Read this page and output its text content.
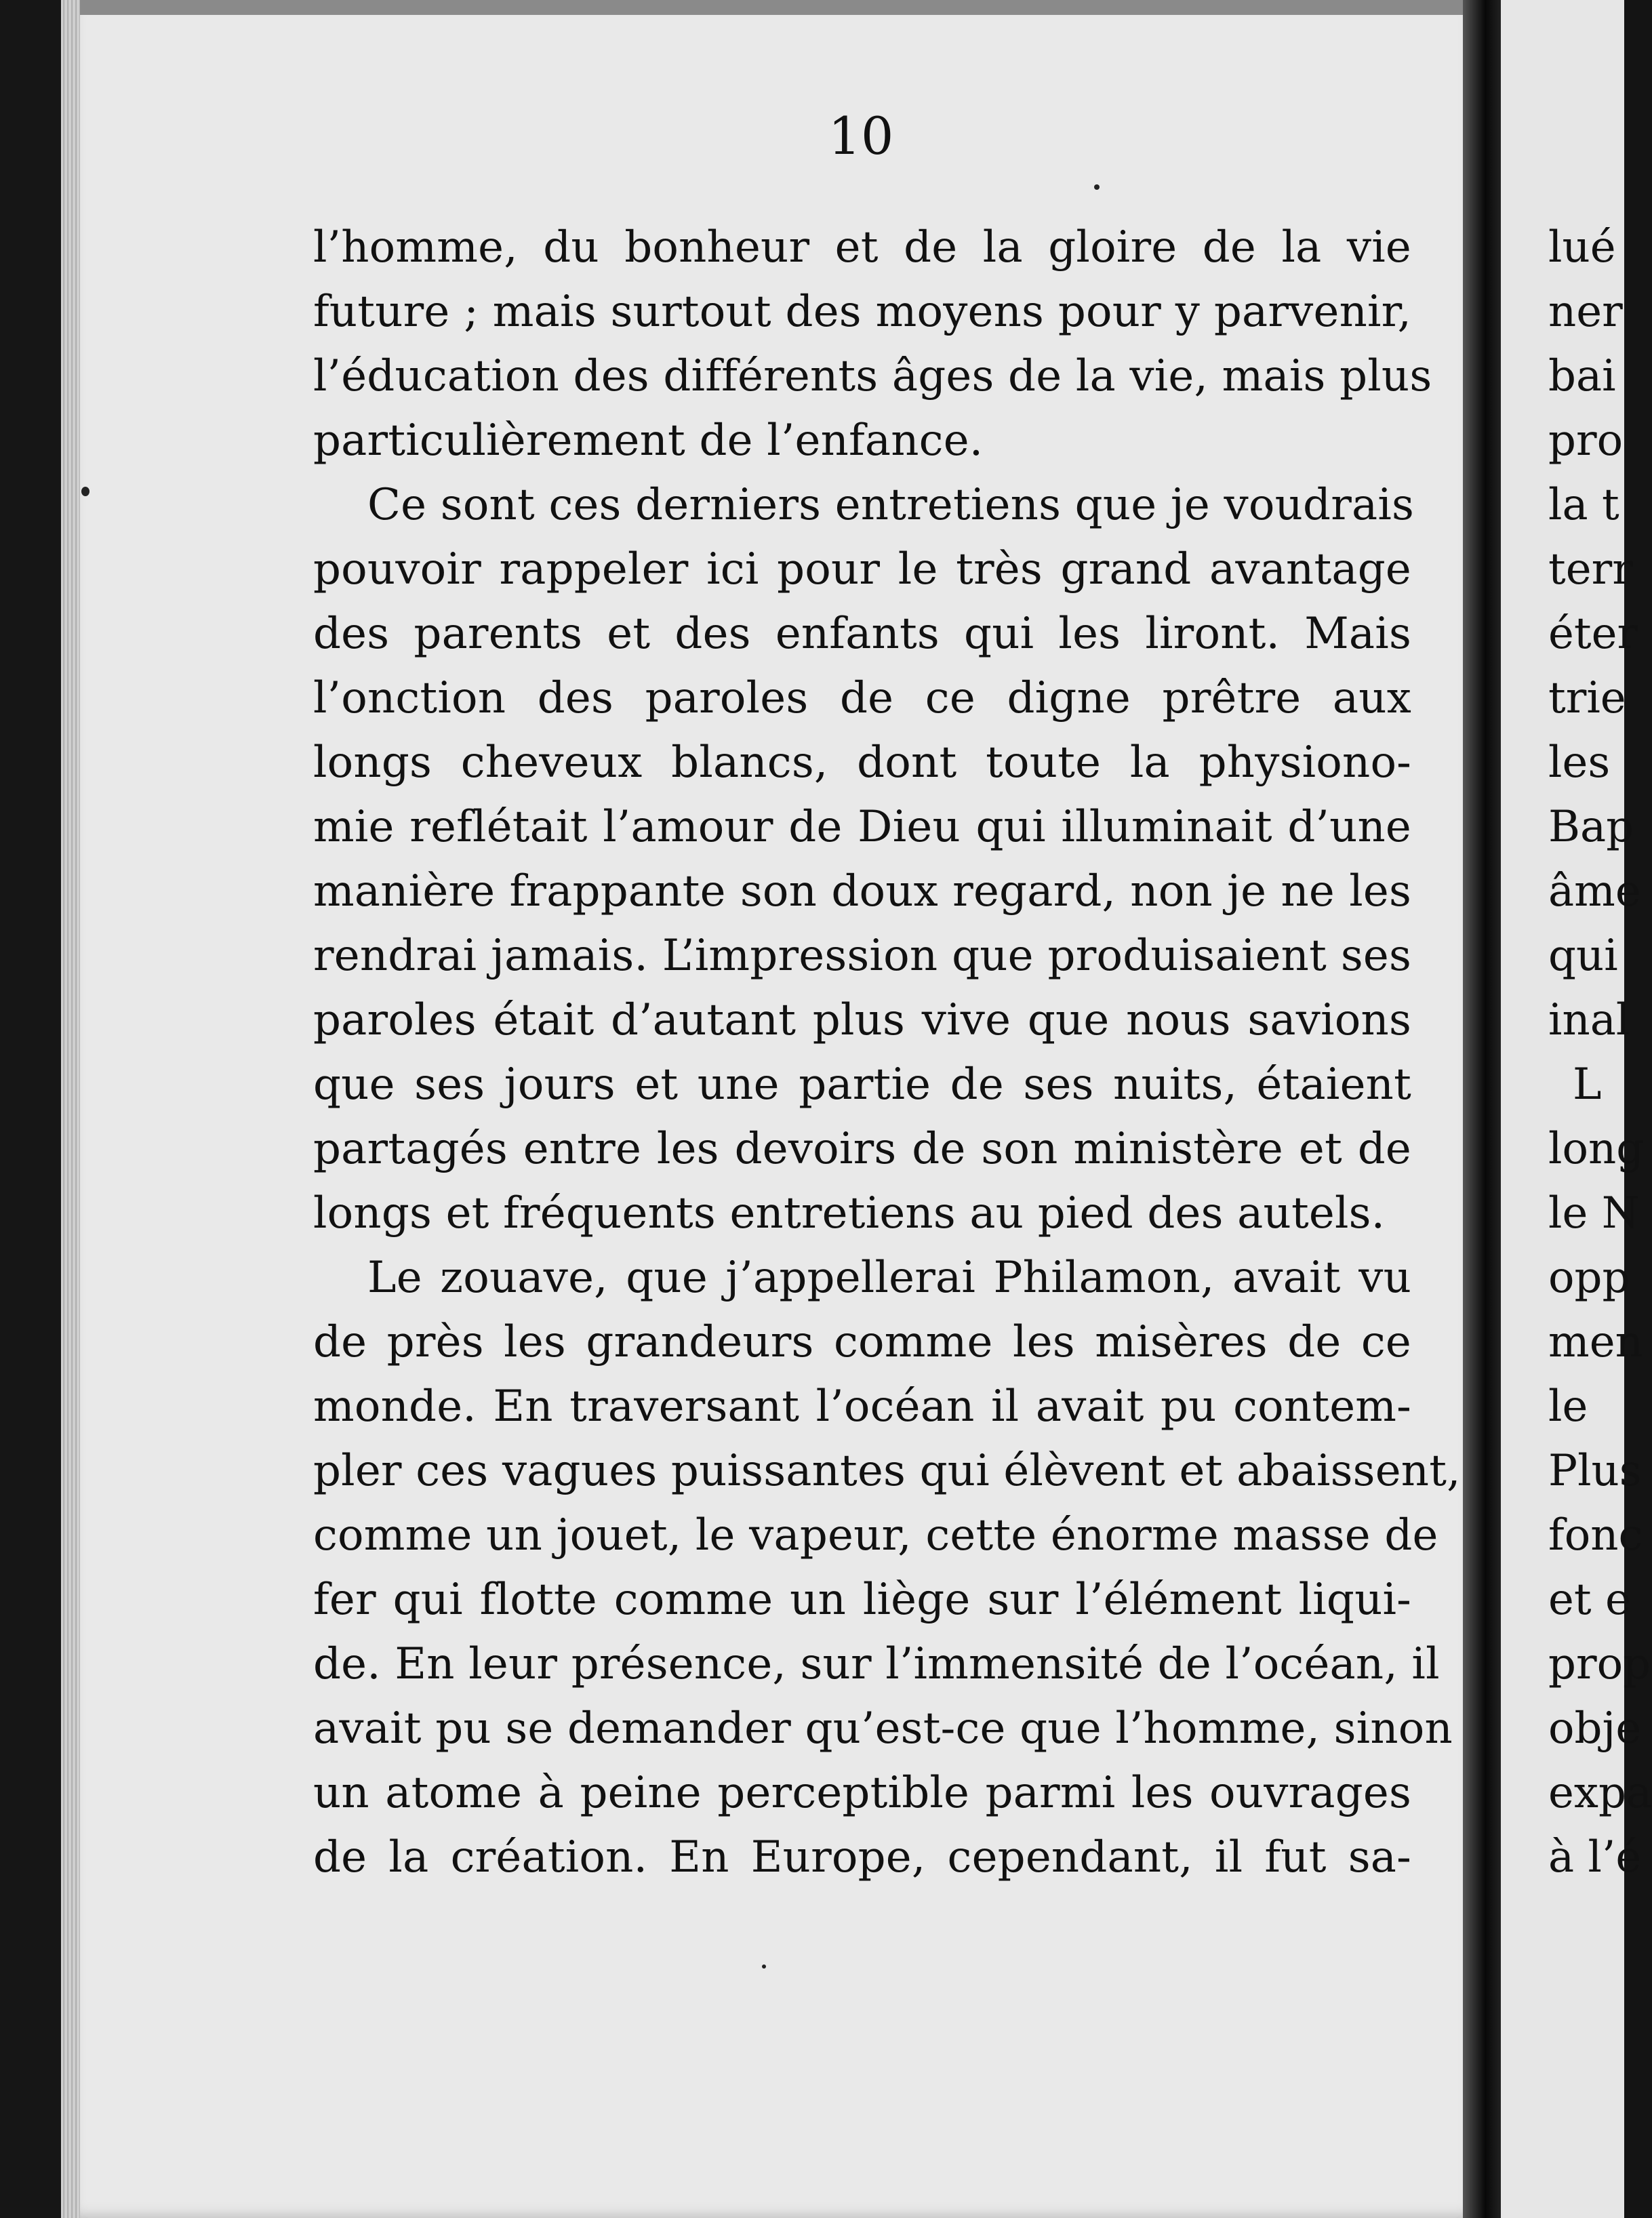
10
l’homme, du bonheur et de la gloire de la vie
future ; mais surtout des moyens pour y parvenir,
l’éducation des différents âges de la vie, mais plus
particulièrement de l’enfance.
Ce sont ces derniers entretiens que je voudrais
pouvoir rappeler ici pour le très grand avantage
des parents et des enfants qui les liront. Mais
l’onction des paroles de ce digne prêtre aux
longs cheveux blancs, dont toute la physiono-
mie reflétait l’amour de Dieu qui illuminait d’une
manière frappante son doux regard, non je ne les
rendrai jamais. L’impression que produisaient ses
paroles était d’autant plus vive que nous savions
que ses jours et une partie de ses nuits, étaient
partagés entre les devoirs de son ministère et de
longs et fréquents entretiens au pied des autels.
Le zouave, que j’appellerai Philamon, avait vu
de près les grandeurs comme les misères de ce
monde. En traversant l’océan il avait pu contem-
pler ces vagues puissantes qui élèvent et abaissent,
comme un jouet, le vapeur, cette énorme masse de
fer qui flotte comme un liège sur l’élément liqui-
de. En leur présence, sur l’immensité de l’océan, il
avait pu se demander qu’est-ce que l’homme, sinon
un atome à peine perceptible parmi les ouvrages
de la création. En Europe, cependant, il fut sa-
lué
ner
bai
pro
la t
terr
éter
trie
les
Bap
âme
qui
inal
L
long
le N
opp
men
le
Plus
fonc
et e
prop
obje
expa
à l’é
